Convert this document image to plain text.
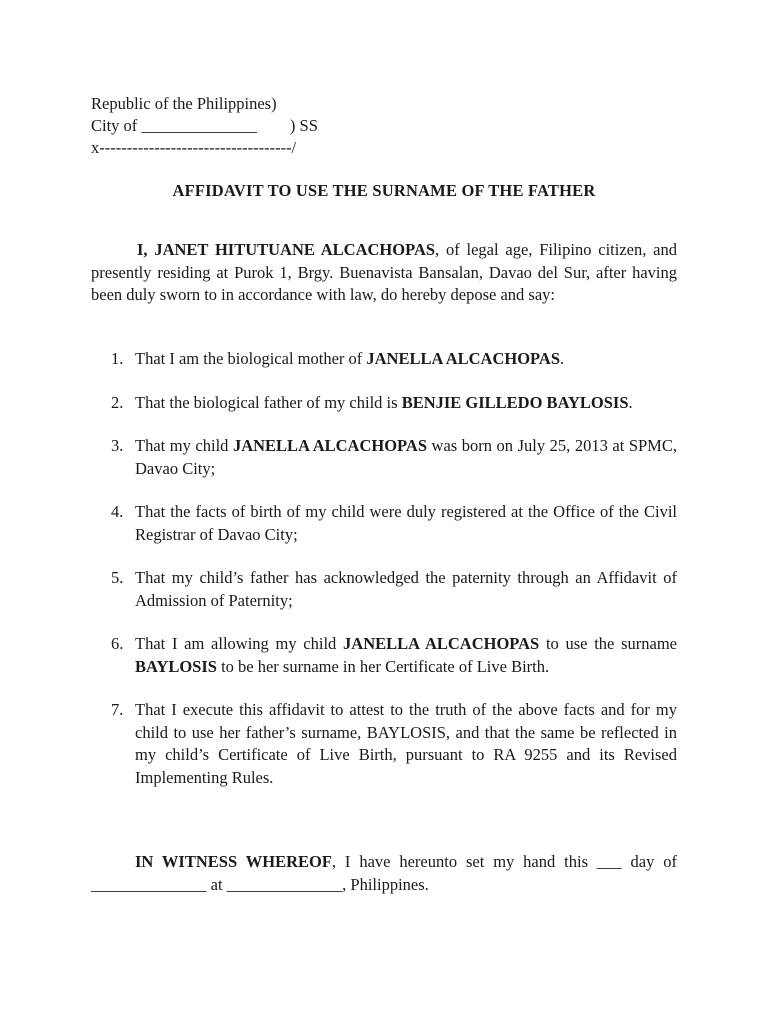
Republic of the Philippines)
City of ______________        ) SS
x-----------------------------------/
AFFIDAVIT TO USE THE SURNAME OF THE FATHER

I, JANET HITUTUANE ALCACHOPAS, of legal age, Filipino citizen, and presently residing at Purok 1, Brgy. Buenavista Bansalan, Davao del Sur, after having been duly sworn to in accordance with law, do hereby depose and say:

1. That I am the biological mother of JANELLA ALCACHOPAS.
2. That the biological father of my child is BENJIE GILLEDO BAYLOSIS.
3. That my child JANELLA ALCACHOPAS was born on July 25, 2013 at SPMC, Davao City;
4. That the facts of birth of my child were duly registered at the Office of the Civil Registrar of Davao City;
5. That my child’s father has acknowledged the paternity through an Affidavit of Admission of Paternity;
6. That I am allowing my child JANELLA ALCACHOPAS to use the surname BAYLOSIS to be her surname in her Certificate of Live Birth.
7. That I execute this affidavit to attest to the truth of the above facts and for my child to use her father’s surname, BAYLOSIS, and that the same be reflected in my child’s Certificate of Live Birth, pursuant to RA 9255 and its Revised Implementing Rules.

IN WITNESS WHEREOF, I have hereunto set my hand this ___ day of ______________ at ______________, Philippines.
